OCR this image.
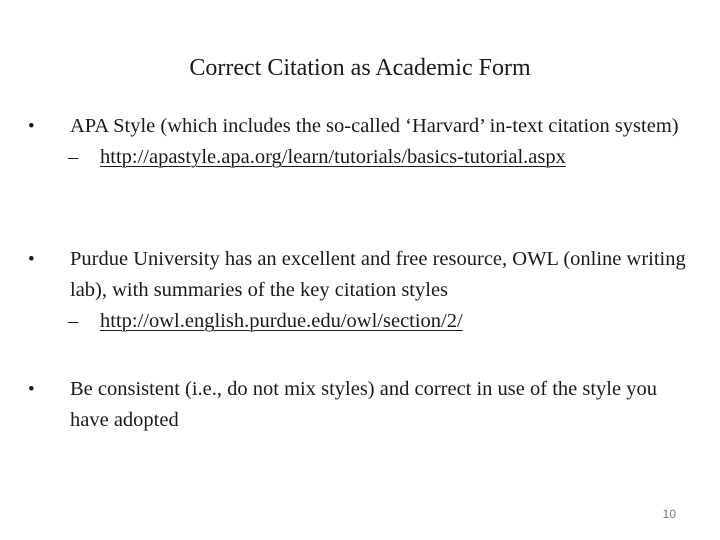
Correct Citation as Academic Form
•	APA Style (which includes the so-called ‘Harvard’ in-text citation system)
– http://apastyle.apa.org/learn/tutorials/basics-tutorial.aspx
•	Purdue University has an excellent and free resource, OWL (online writing lab), with summaries of the key citation styles
– http://owl.english.purdue.edu/owl/section/2/
•	Be consistent (i.e., do not mix styles) and correct in use of the style you have adopted
10
